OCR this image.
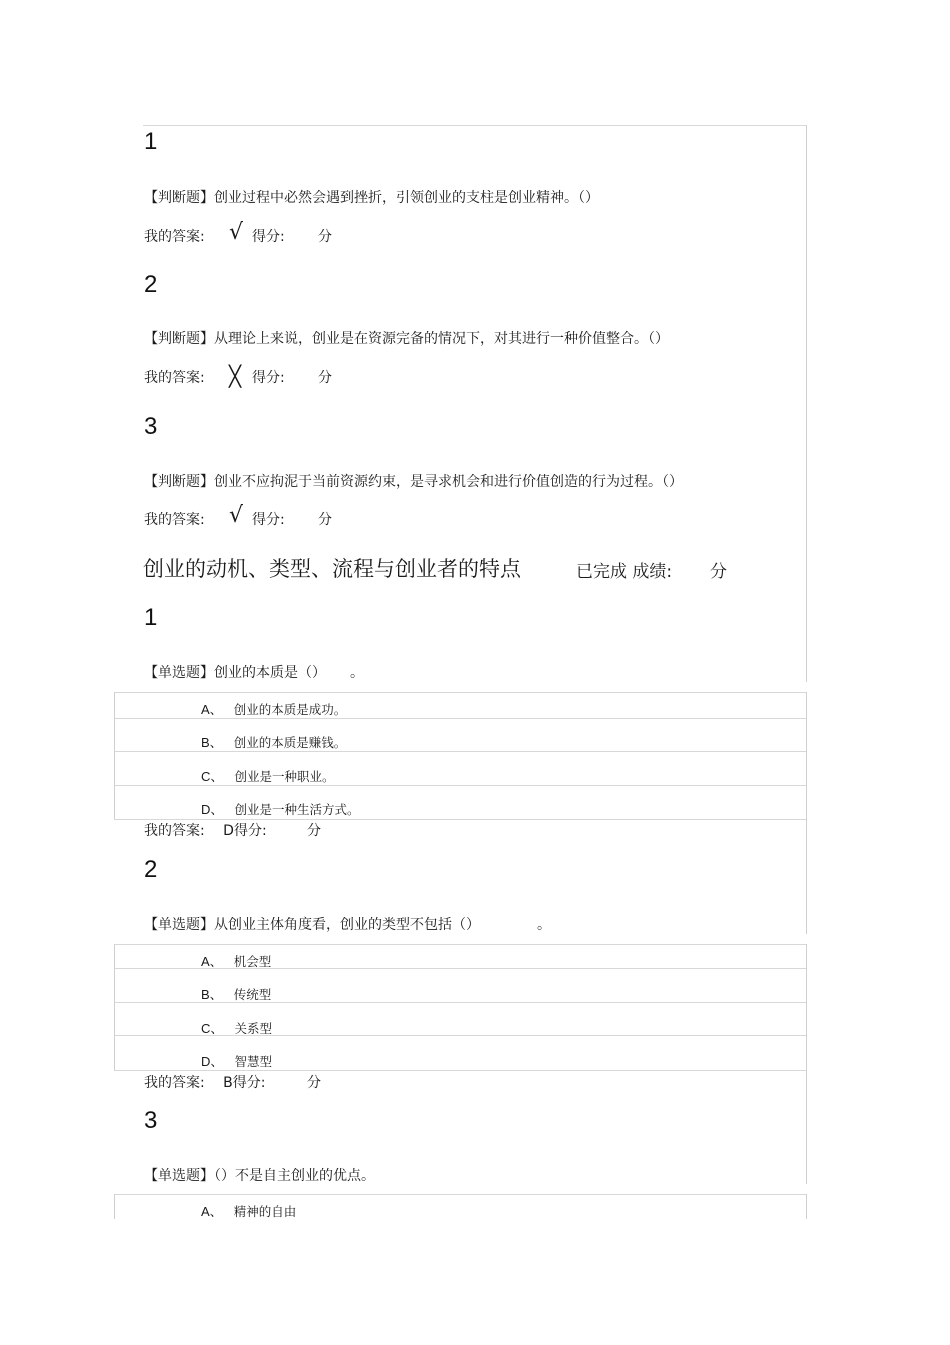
1
【判断题】创业过程中必然会遇到挫折，引领创业的支柱是创业精神。（）
我的答案: √ 得分: 分
2
【判断题】从理论上来说，创业是在资源完备的情况下，对其进行一种价值整合。（）
我的答案: ╳ 得分: 分
3
【判断题】创业不应拘泥于当前资源约束，是寻求机会和进行价值创造的行为过程。（）
我的答案: √ 得分: 分
创业的动机、类型、流程与创业者的特点	已完成 成绩: 分
1
【单选题】创业的本质是（） 。
A、 创业的本质是成功。
B、 创业的本质是赚钱。
C、 创业是一种职业。
D、 创业是一种生活方式。
我的答案: D得分:	分
2
【单选题】从创业主体角度看，创业的类型不包括（）	。
A、 机会型
B、 传统型
C、 关系型
D、 智慧型
我的答案: B得分:	分
3
【单选题】（）不是自主创业的优点。
A、 精神的自由
